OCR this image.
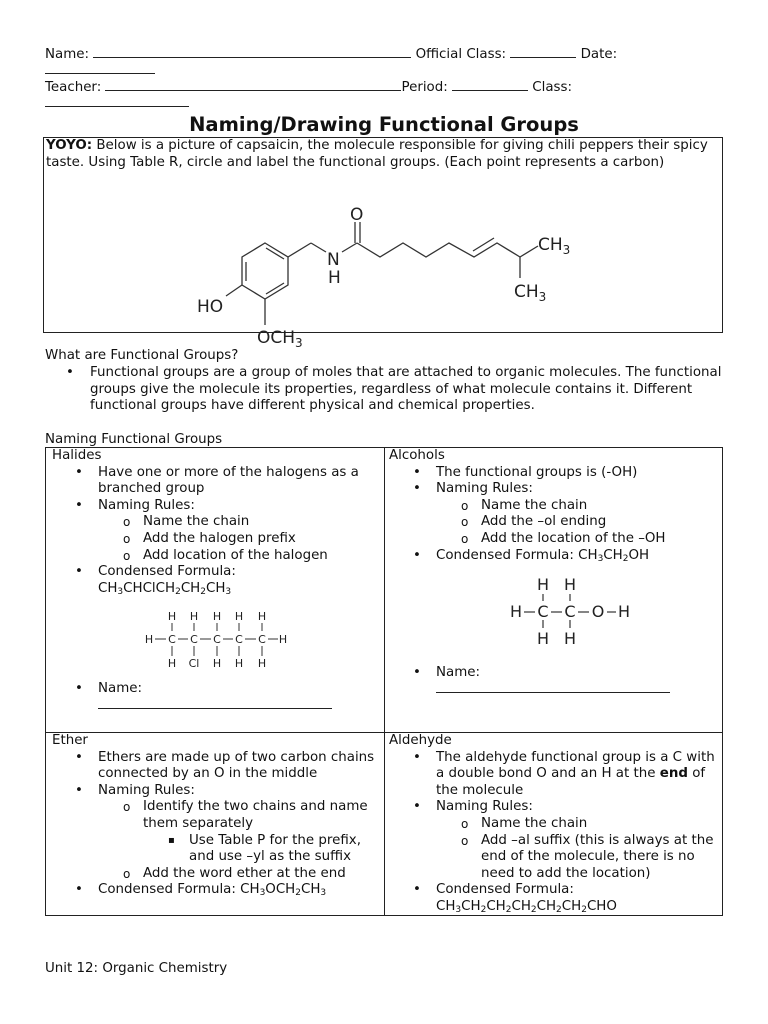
Name:	Official Class:	Date:
Teacher:	Period:	Class:
Naming/Drawing Functional Groups
YOYO: Below is a picture of capsaicin, the molecule responsible for giving chili peppers their spicy taste. Using Table R, circle and label the functional groups. (Each point represents a carbon)
O
N
H
$CH_3$
$CH_3$
HO
$OCH_3$
What are Functional Groups?
• Functional groups are a group of moles that are attached to organic molecules. The functional groups give the molecule its properties, regardless of what molecule contains it. Different functional groups have different physical and chemical properties.
Naming Functional Groups
Halides
• Have one or more of the halogens as a branched group
• Naming Rules:
o Name the chain
o Add the halogen prefix
o Add location of the halogen
• Condensed Formula:
$CH_3CHClCH_2CH_2CH_3$
H H H H H
H C C C C C H
H Cl H H H
• Name:
Alcohols
• The functional groups is (-OH)
• Naming Rules:
o Name the chain
o Add the –ol ending
o Add the location of the –OH
• Condensed Formula: $CH_3CH_2OH$
H H
H C C O H
H H
• Name:
Ether
• Ethers are made up of two carbon chains connected by an O in the middle
• Naming Rules:
o Identify the two chains and name them separately
▪ Use Table P for the prefix, and use –yl as the suffix
o Add the word ether at the end
• Condensed Formula: $CH_3OCH_2CH_3$
Aldehyde
• The aldehyde functional group is a C with a double bond O and an H at the end of the molecule
• Naming Rules:
o Name the chain
o Add –al suffix (this is always at the end of the molecule, there is no need to add the location)
• Condensed Formula:
$CH_3CH_2CH_2CH_2CH_2CH_2CHO$
Unit 12: Organic Chemistry
